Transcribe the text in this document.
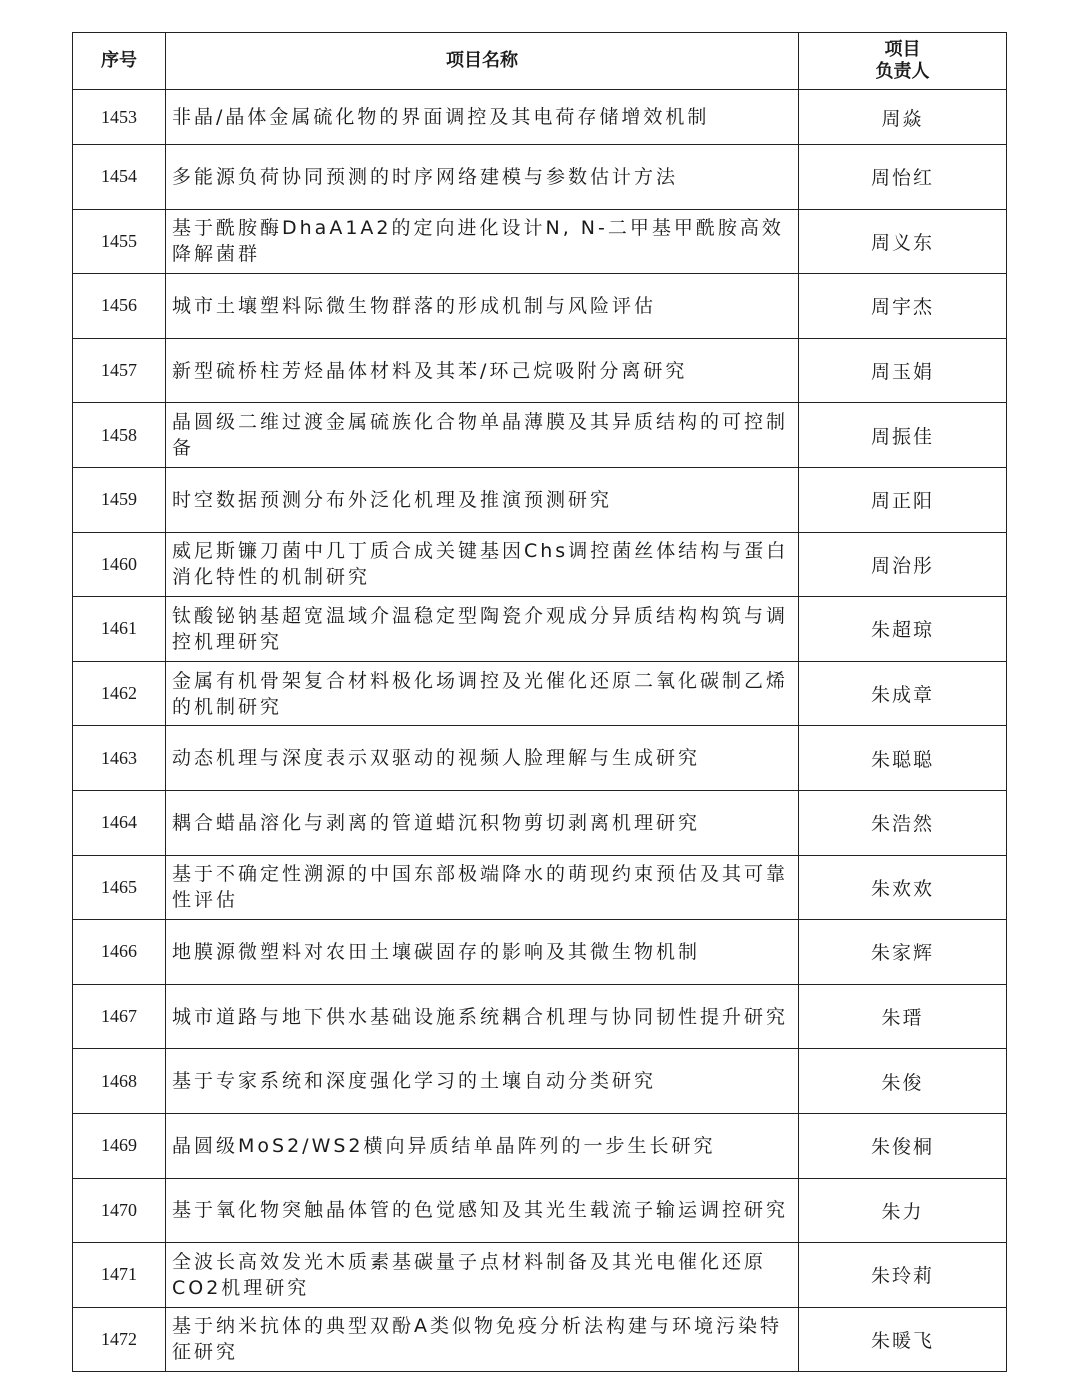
序号	项目名称	项目
负责人

1453	非晶/晶体金属硫化物的界面调控及其电荷存储增效机制	周焱
1454	多能源负荷协同预测的时序网络建模与参数估计方法	周怡红
1455	基于酰胺酶DhaA1A2的定向进化设计N, N-二甲基甲酰胺高效降解菌群	周义东
1456	城市土壤塑料际微生物群落的形成机制与风险评估	周宇杰
1457	新型硫桥柱芳烃晶体材料及其苯/环己烷吸附分离研究	周玉娟
1458	晶圆级二维过渡金属硫族化合物单晶薄膜及其异质结构的可控制备	周振佳
1459	时空数据预测分布外泛化机理及推演预测研究	周正阳
1460	威尼斯镰刀菌中几丁质合成关键基因Chs调控菌丝体结构与蛋白消化特性的机制研究	周治彤
1461	钛酸铋钠基超宽温域介温稳定型陶瓷介观成分异质结构构筑与调控机理研究	朱超琼
1462	金属有机骨架复合材料极化场调控及光催化还原二氧化碳制乙烯的机制研究	朱成章
1463	动态机理与深度表示双驱动的视频人脸理解与生成研究	朱聪聪
1464	耦合蜡晶溶化与剥离的管道蜡沉积物剪切剥离机理研究	朱浩然
1465	基于不确定性溯源的中国东部极端降水的萌现约束预估及其可靠性评估	朱欢欢
1466	地膜源微塑料对农田土壤碳固存的影响及其微生物机制	朱家辉
1467	城市道路与地下供水基础设施系统耦合机理与协同韧性提升研究	朱瑨
1468	基于专家系统和深度强化学习的土壤自动分类研究	朱俊
1469	晶圆级MoS2/WS2横向异质结单晶阵列的一步生长研究	朱俊桐
1470	基于氧化物突触晶体管的色觉感知及其光生载流子输运调控研究	朱力
1471	全波长高效发光木质素基碳量子点材料制备及其光电催化还原CO2机理研究	朱玲莉
1472	基于纳米抗体的典型双酚A类似物免疫分析法构建与环境污染特征研究	朱暖飞
